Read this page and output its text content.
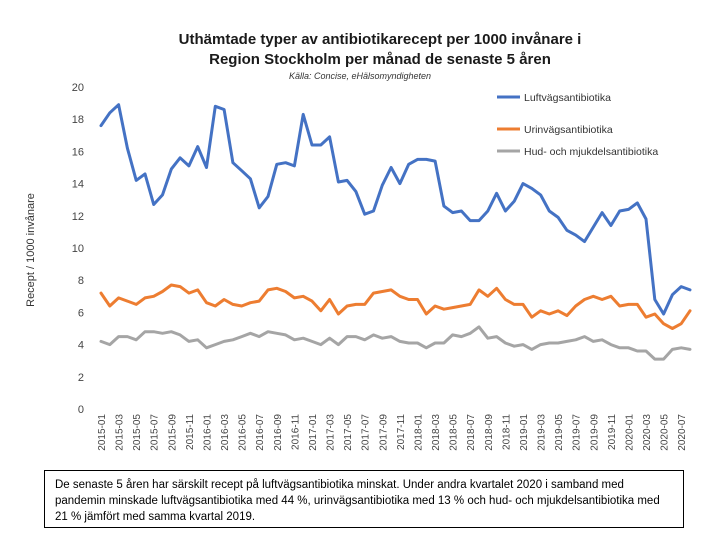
Uthämtade typer av antibiotikarecept per 1000 invånare i
Region Stockholm per månad de senaste 5 åren
Källa: Concise, eHälsomyndigheten
0
2
4
6
8
10
12
14
16
18
20
2015-01 2015-03 2015-05 2015-07 2015-09 2015-11 2016-01 2016-03 2016-05 2016-07 2016-09 2016-11 2017-01 2017-03 2017-05 2017-07 2017-09 2017-11 2018-01 2018-03 2018-05 2018-07 2018-09 2018-11 2019-01 2019-03 2019-05 2019-07 2019-09 2019-11 2020-01 2020-03 2020-05 2020-07
Luftvägsantibiotika
Urinvägsantibiotika
Hud- och mjukdelsantibiotika
Recept / 1000 invånare
De senaste 5 åren har särskilt recept på luftvägsantibiotika minskat. Under andra kvartalet 2020 i samband med pandemin minskade luftvägsantibiotika med 44 %, urinvägsantibiotika med 13 % och hud- och mjukdelsantibiotika med 21 % jämfört med samma kvartal 2019.
